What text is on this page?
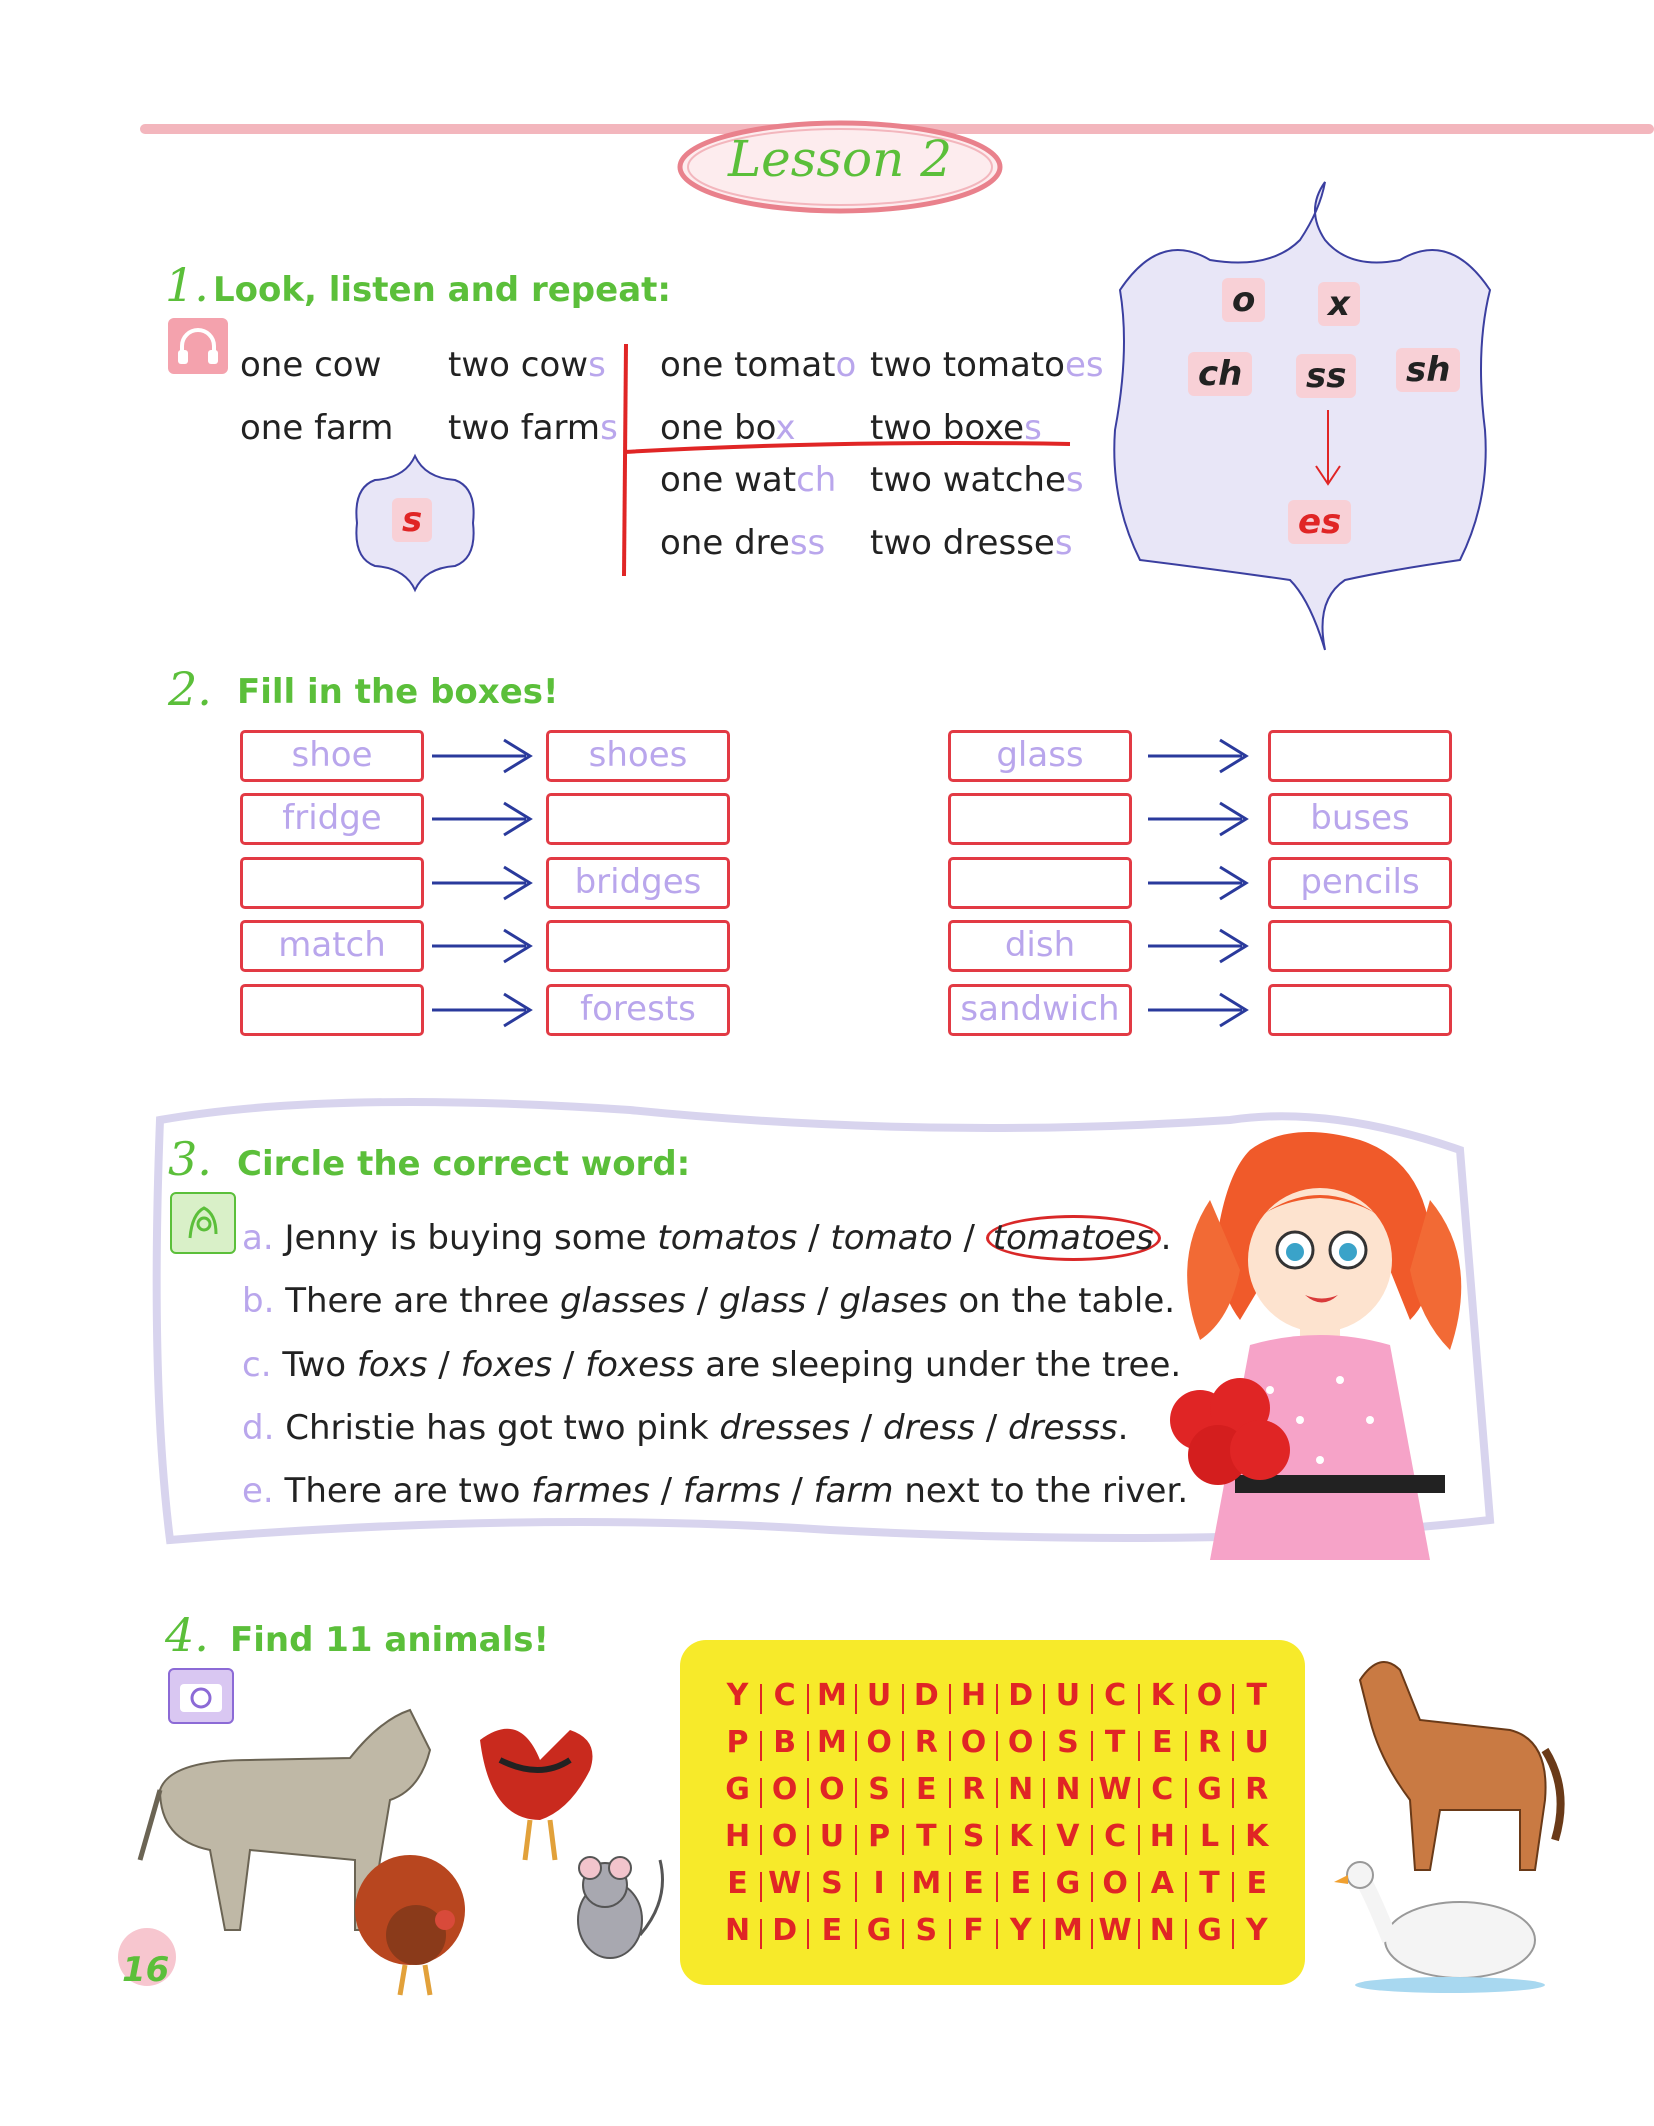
Lesson 2
1. Look, listen and repeat:
one cow two cows
one farm two farms
s
one tomato two tomatoes
one box two boxes
one watch two watches
one dress two dresses
o x
ch ss sh
es
2. Fill in the boxes!
shoe	shoes
fridge
bridges
match
forests
glass
buses
pencils
dish
sandwich
3. Circle the correct word:
a. Jenny is buying some tomatos / tomato / tomatoes .
b. There are three glasses / glass / glases on the table.
c. Two foxs / foxes / foxess are sleeping under the tree.
d. Christie has got two pink dresses / dress / dresss.
e. There are two farmes / farms / farm next to the river.
4. Find 11 animals!
Y C M U D H D U C K O T
P B M O R O O S T E R U
G O O S E R N N W C G R
H O U P T S K V C H L K
E W S	I M E E G O A T E
N D E G S F Y M W N G Y
16
